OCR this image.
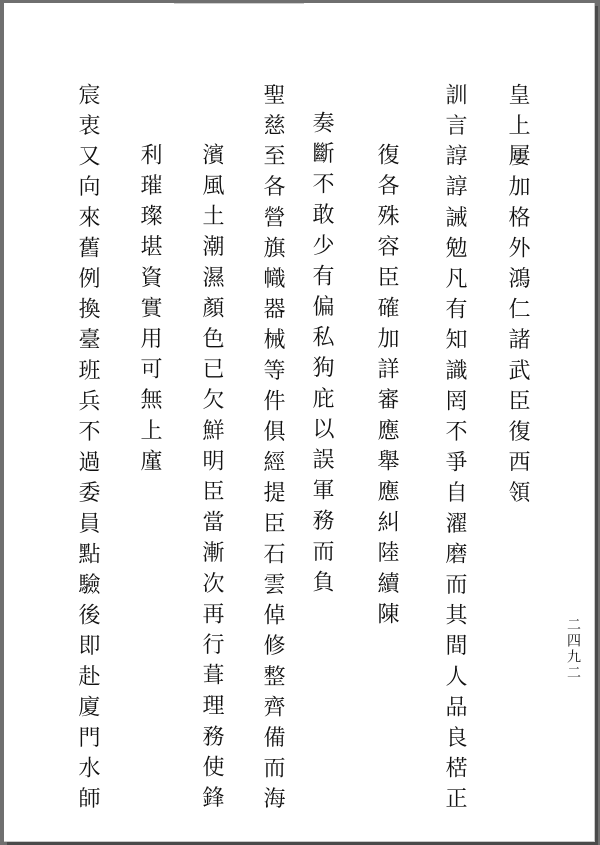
皇上屢加格外鴻仁諸武臣復西領
訓言諄諄誡勉凡有知識罔不爭自濯磨而其間人品良楛正
復各殊容臣確加詳審應舉應糾陸續陳
奏斷不敢少有偏私狗庇以誤軍務而負
聖慈至各營旗幟器械等件俱經提臣石雲倬修整齊備而海
濱風土潮濕顏色已欠鮮明臣當漸次再行葺理務使鋒
利璀璨堪資實用可無上廑
宸衷又向來舊例換臺班兵不過委員點驗後即赴廈門水師	二四九二
